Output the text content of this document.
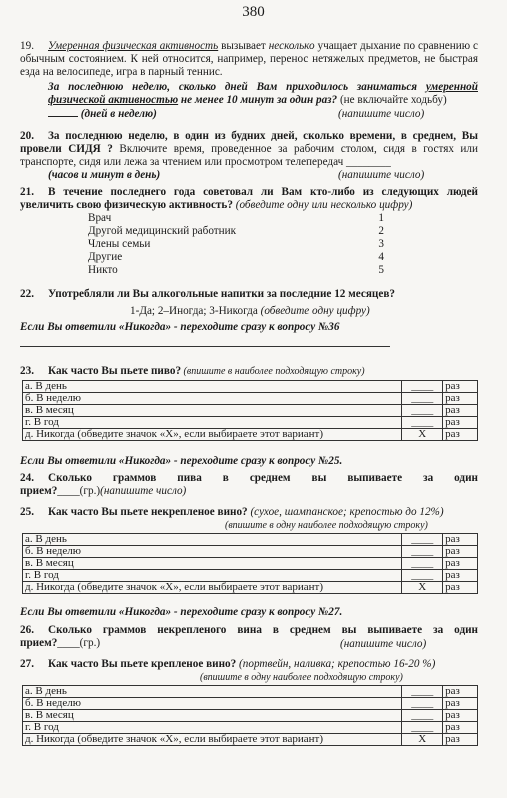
380
19. Умеренная физическая активность вызывает несколько учащает дыхание по сравнению с обычным состоянием. К ней относится, например, перенос нетяжелых предметов, не быстрая езда на велосипеде, игра в парный теннис.
За последнюю неделю, сколько дней Вам приходилось заниматься умеренной физической активностью не менее 10 минут за один раз? (не включайте ходьбу)
(дней в неделю)	(напишите число)
20. За последнюю неделю, в один из будних дней, сколько времени, в среднем, Вы провели СИДЯ ? Включите время, проведенное за рабочим столом, сидя в гостях или транспорте, сидя или лежа за чтением или просмотром телепередач ________
(часов и минут в день)	(напишите число)
21. В течение последнего года советовал ли Вам кто-либо из следующих людей увеличить свою физическую активность? (обведите одну или несколько цифру)
Врач	1
Другой медицинский работник	2
Члены семьи	3
Другие	4
Никто	5
22. Употребляли ли Вы алкогольные напитки за последние 12 месяцев?
1-Да; 2–Иногда; 3-Никогда (обведите одну цифру)
Если Вы ответили «Никогда» - переходите сразу к вопросу №36
23. Как часто Вы пьете пиво? (впишите в наиболее подходящую строку)
а. В день	____	раз
б. В неделю	____	раз
в. В месяц	____	раз
г. В год	____	раз
д. Никогда (обведите значок «Х», если выбираете этот вариант)	X	раз
Если Вы ответили «Никогда» - переходите сразу к вопросу №25.
24. Сколько граммов пива в среднем вы выпиваете за один прием?____(гр.)(напишите число)
25. Как часто Вы пьете некрепленое вино? (сухое, шампанское; крепостью до 12%)
(впишите в одну наиболее подходящую строку)
а. В день	____	раз
б. В неделю	____	раз
в. В месяц	____	раз
г. В год	____	раз
д. Никогда (обведите значок «Х», если выбираете этот вариант)	X	раз
Если Вы ответили «Никогда» - переходите сразу к вопросу №27.
26. Сколько граммов некрепленого вина в среднем вы выпиваете за один прием?____(гр.)	(напишите число)
27. Как часто Вы пьете крепленое вино? (портвейн, наливка; крепостью 16-20 %)
(впишите в одну наиболее подходящую строку)
а. В день	____	раз
б. В неделю	____	раз
в. В месяц	____	раз
г. В год	____	раз
д. Никогда (обведите значок «Х», если выбираете этот вариант)	X	раз
